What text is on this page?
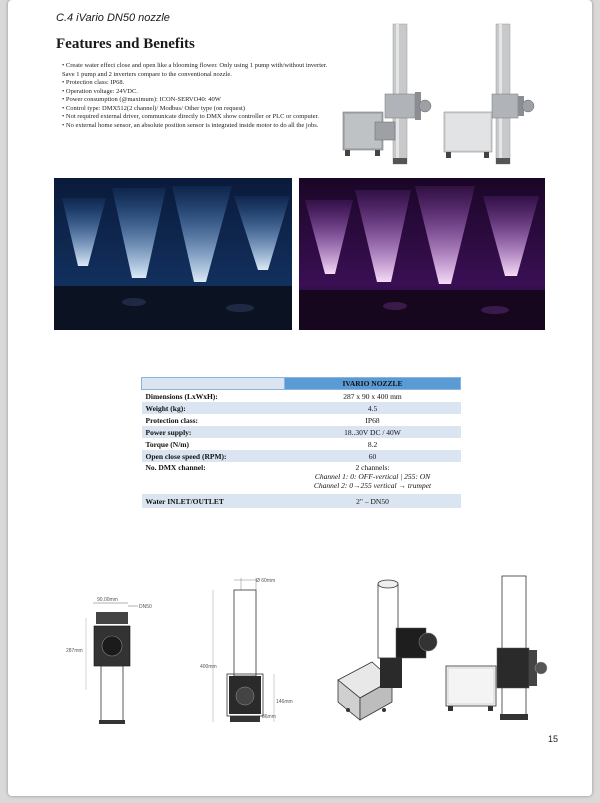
C.4 iVario DN50 nozzle
Features and Benefits
• Create water effect close and open like a blooming flower. Only using 1 pump with/without inverter. Save 1 pump and 2 inverters compare to the conventional nozzle.
• Protection class: IP68.
• Operation voltage: 24VDC.
• Power consumption (@maximum): ICON-SERVO40: 40W
• Control type: DMX512(2 channel)/ Modbus/ Other type (on request)
• Not required external driver, communicate directly to DMX show controller or PLC or computer.
• No external home sensor, an absolute position sensor is integrated inside motor to do all the jobs.
	IVARIO NOZZLE
Dimensions (LxWxH):	287 x 90 x 400 mm
Weight (kg):	4.5
Protection class:	IP68
Power supply:	18..30V DC / 40W
Torque (N/m)	8.2
Open close speed (RPM):	60
No. DMX channel:	2 channels:
Channel 1: 0: OFF-vertical | 255: ON
Channel 2: 0→255 vertical → trumpet

Water INLET/OUTLET	2" – DN50
90.00mm
DN50
287mm
Ø 60mm
400mm
146mm
86mm
15
